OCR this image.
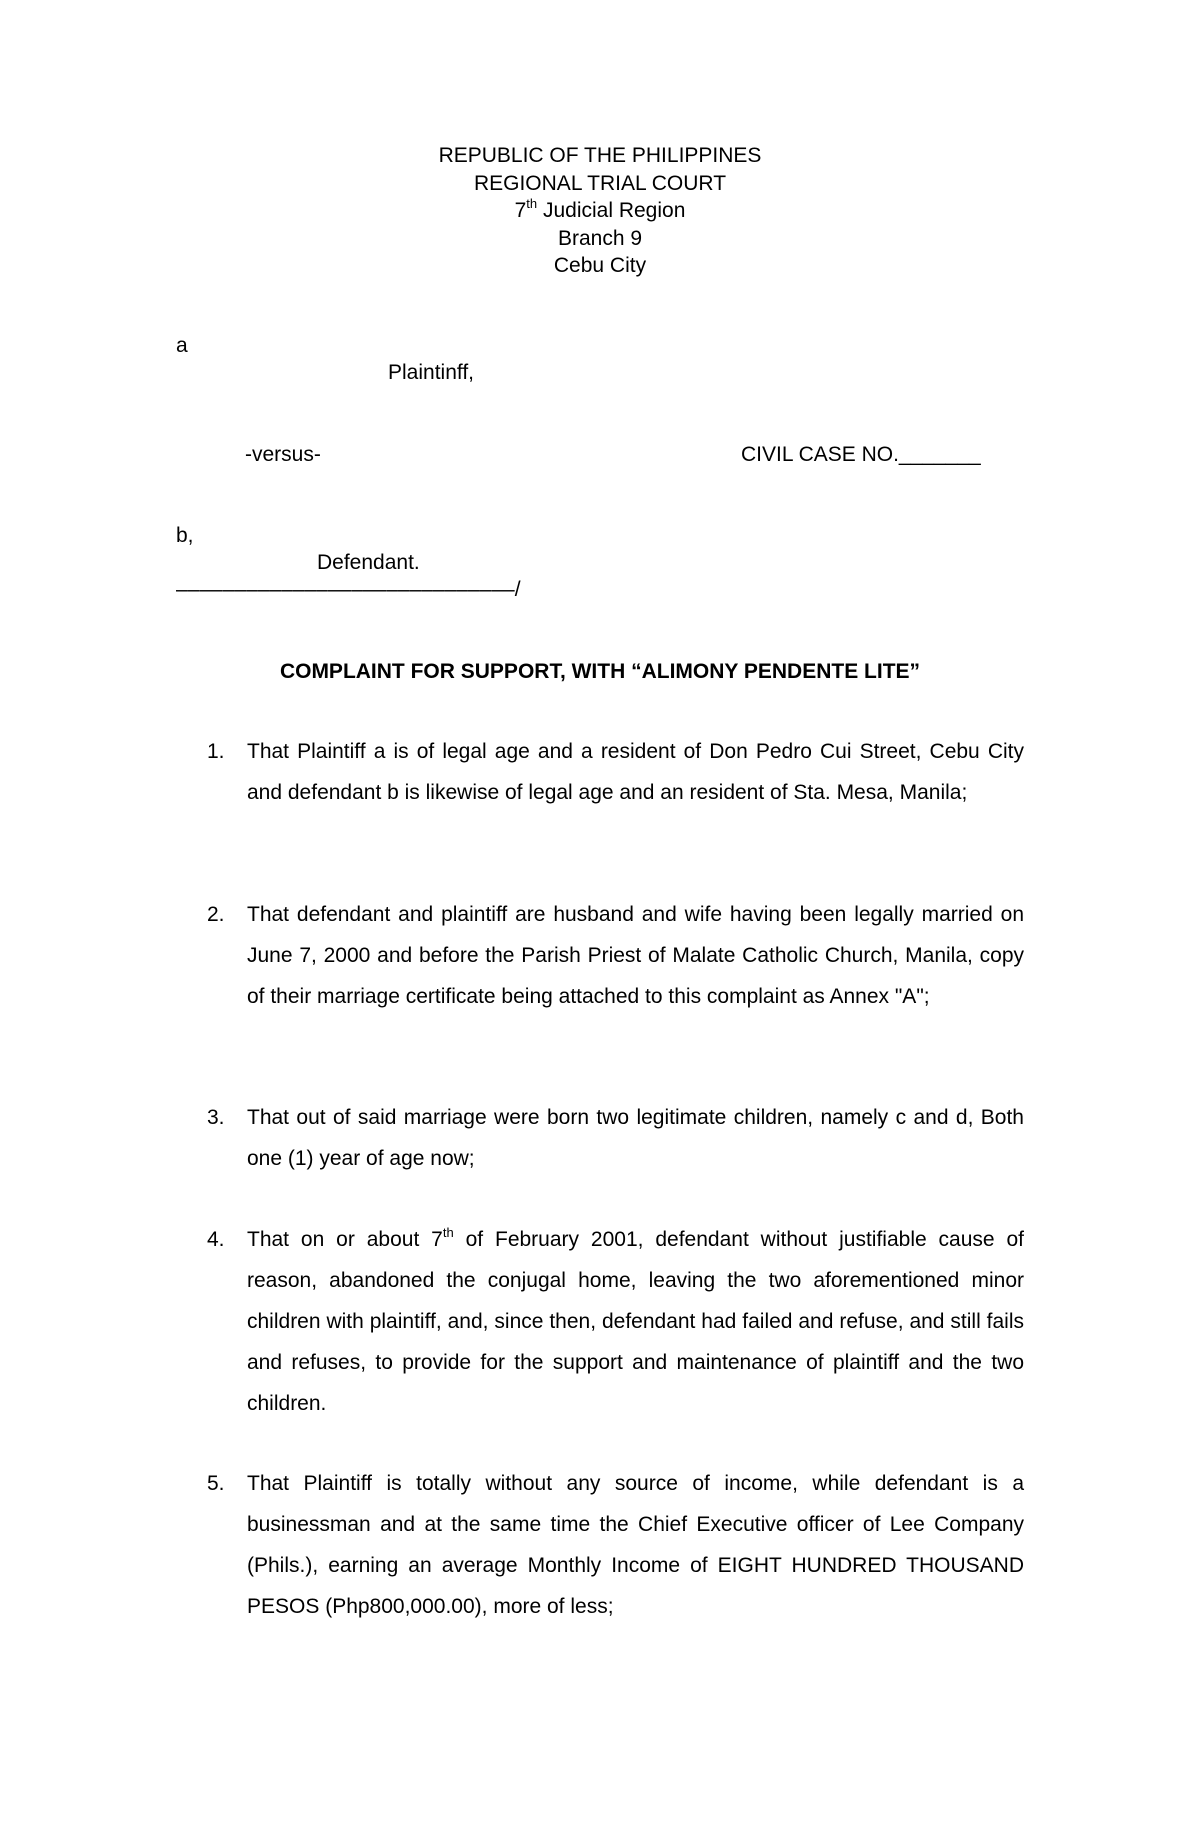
REPUBLIC OF THE PHILIPPINES
REGIONAL TRIAL COURT
7th Judicial Region
Branch 9
Cebu City
a
Plaintinff,
-versus-	CIVIL CASE NO._______
b,
Defendant.
–––––––––––––––––––––––––––––/
COMPLAINT FOR SUPPORT, WITH “ALIMONY PENDENTE LITE”
1.	That Plaintiff a is of legal age and a resident of Don Pedro Cui Street, Cebu City and defendant b is likewise of legal age and an resident of Sta. Mesa, Manila;
2.	That defendant and plaintiff are husband and wife having been legally married on June 7, 2000 and before the Parish Priest of Malate Catholic Church, Manila, copy of their marriage certificate being attached to this complaint as Annex "A";
3.	That out of said marriage were born two legitimate children, namely c and d, Both one (1) year of age now;
4.	That on or about 7th of February 2001, defendant without justifiable cause of reason, abandoned the conjugal home, leaving the two aforementioned minor children with plaintiff, and, since then, defendant had failed and refuse, and still fails and refuses, to provide for the support and maintenance of plaintiff and the two children.
5.	That Plaintiff is totally without any source of income, while defendant is a businessman and at the same time the Chief Executive officer of Lee Company (Phils.), earning an average Monthly Income of EIGHT HUNDRED THOUSAND PESOS (Php800,000.00), more of less;
